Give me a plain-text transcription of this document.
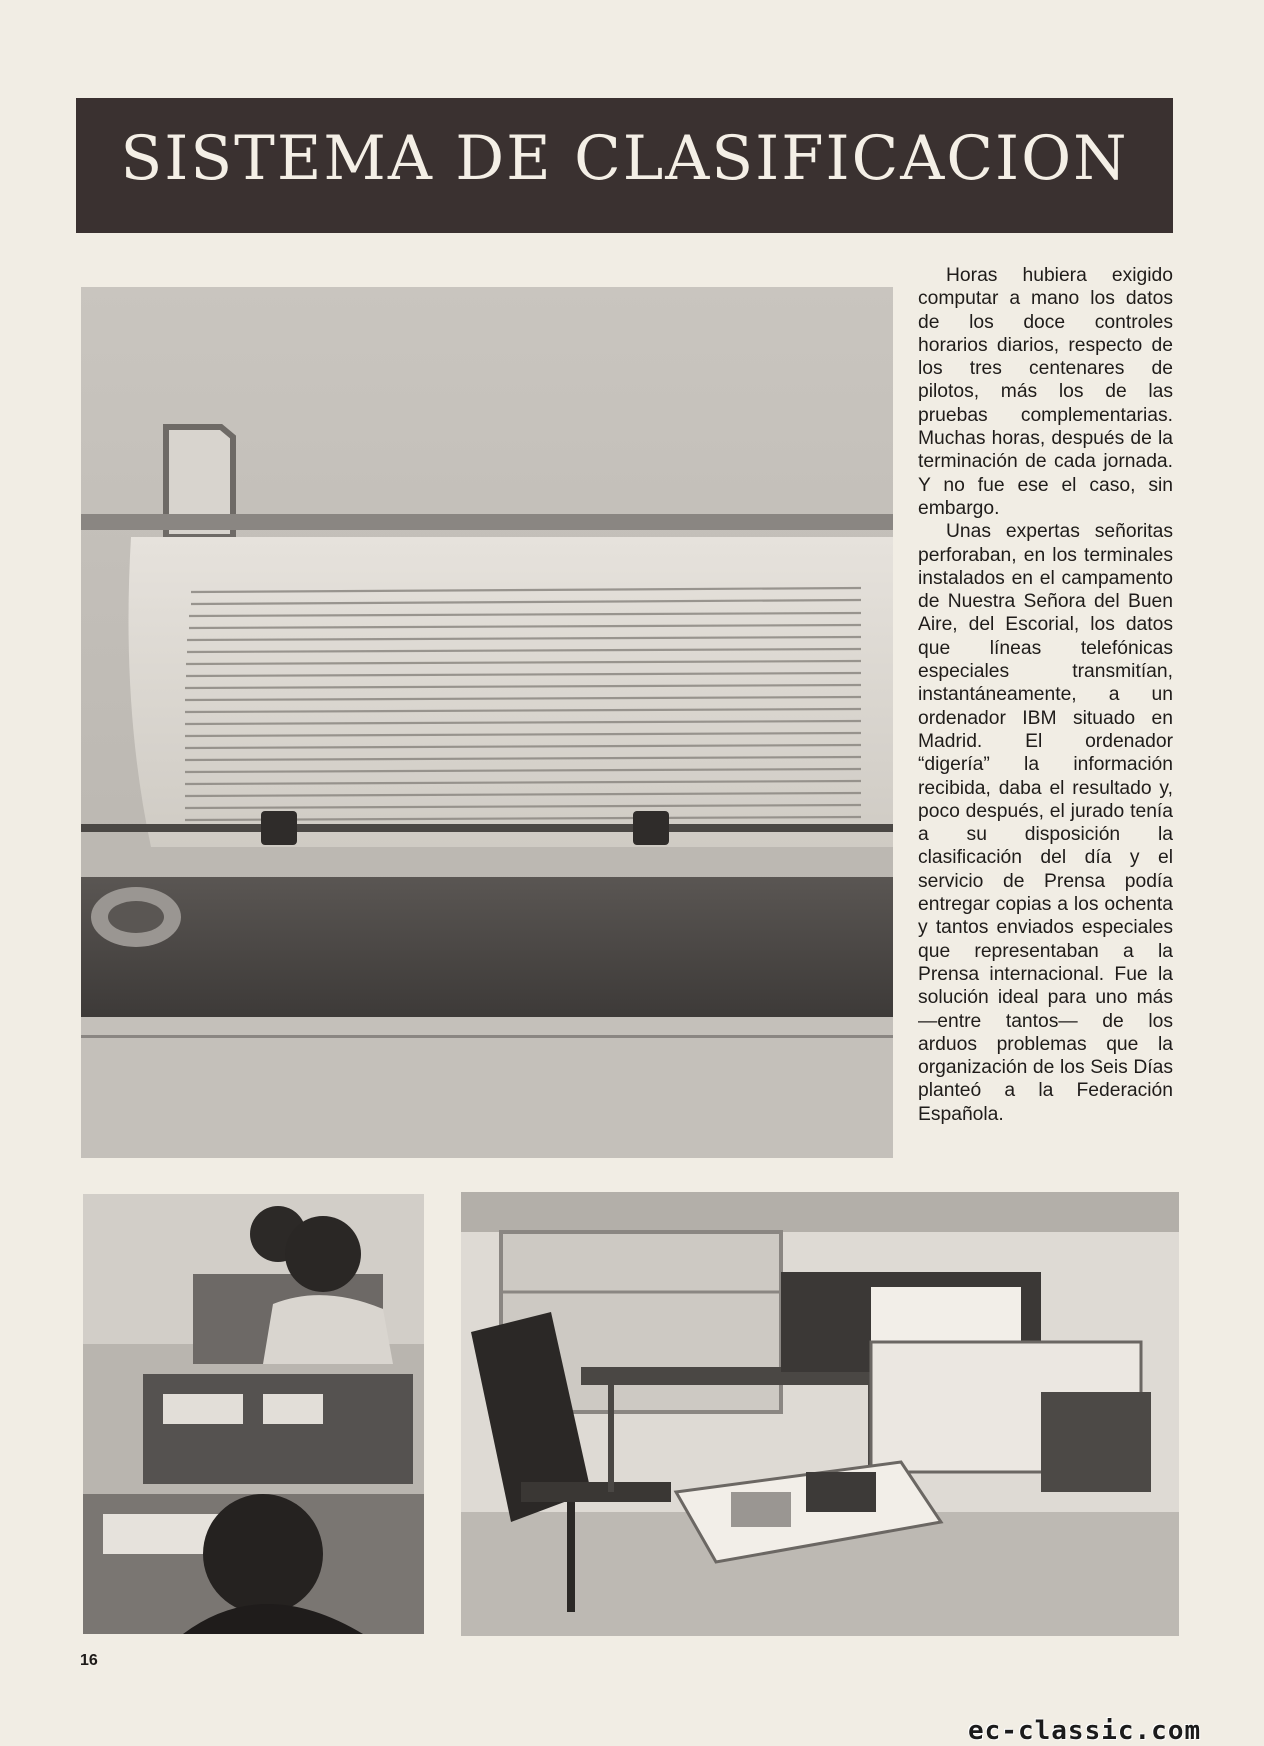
SISTEMA DE CLASIFICACION

Horas hubiera exigido computar a mano los datos de los doce controles horarios diarios, respecto de los tres centenares de pilotos, más los de las pruebas complementarias. Muchas horas, después de la terminación de cada jornada. Y no fue ese el caso, sin embargo.

Unas expertas señoritas perforaban, en los terminales instalados en el campamento de Nuestra Señora del Buen Aire, del Escorial, los datos que líneas telefónicas especiales transmitían, instantáneamente, a un ordenador IBM situado en Madrid. El ordenador “digería” la información recibida, daba el resultado y, poco después, el jurado tenía a su disposición la clasificación del día y el servicio de Prensa podía entregar copias a los ochenta y tantos enviados especiales que representaban a la Prensa internacional. Fue la solución ideal para uno más —entre tantos— de los arduos problemas que la organización de los Seis Días planteó a la Federación Española.

16
ec-classic.com
